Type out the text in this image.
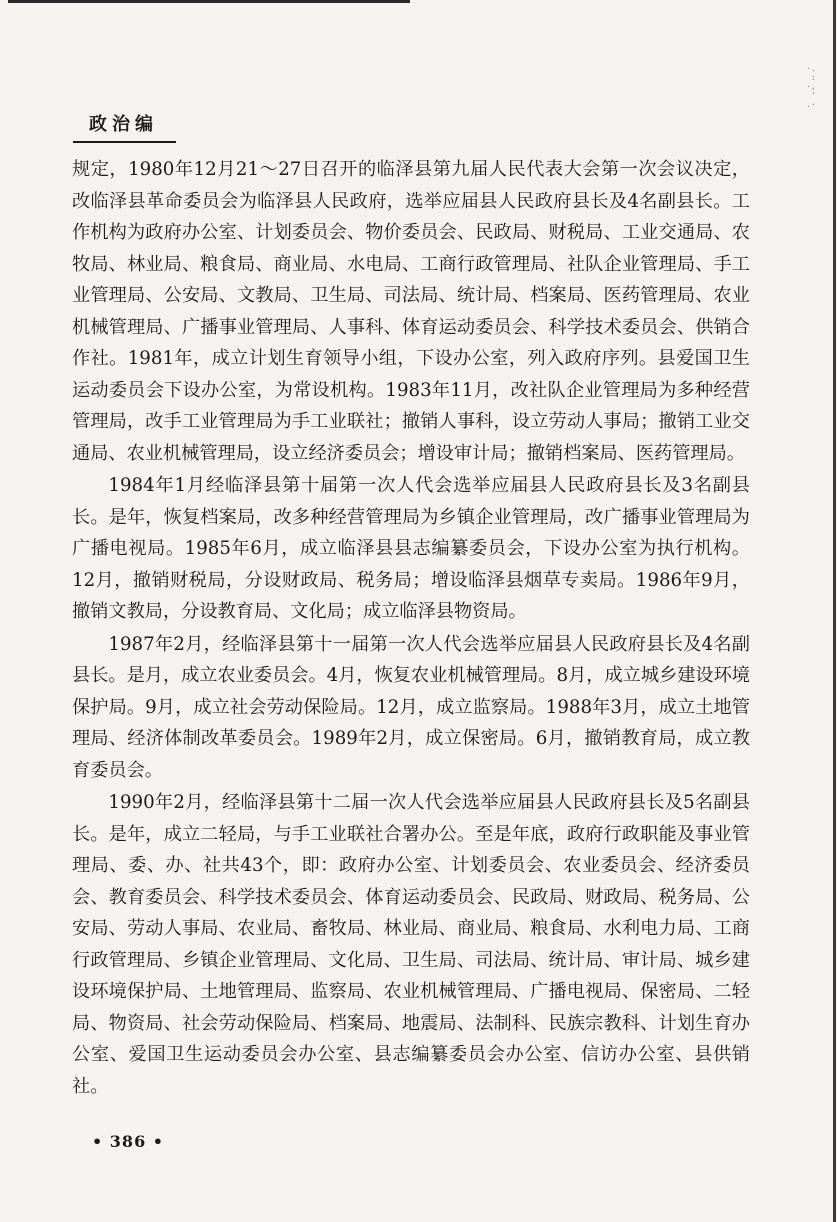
·.
:
·,
'
.·
政治编

规定，1980年12月21～27日召开的临泽县第九届人民代表大会第一次会议决定，改临泽县革命委员会为临泽县人民政府，选举应届县人民政府县长及4名副县长。工作机构为政府办公室、计划委员会、物价委员会、民政局、财税局、工业交通局、农牧局、林业局、粮食局、商业局、水电局、工商行政管理局、社队企业管理局、手工业管理局、公安局、文教局、卫生局、司法局、统计局、档案局、医药管理局、农业机械管理局、广播事业管理局、人事科、体育运动委员会、科学技术委员会、供销合作社。1981年，成立计划生育领导小组，下设办公室，列入政府序列。县爱国卫生运动委员会下设办公室，为常设机构。1983年11月，改社队企业管理局为多种经营管理局，改手工业管理局为手工业联社；撤销人事科，设立劳动人事局；撤销工业交通局、农业机械管理局，设立经济委员会；增设审计局；撤销档案局、医药管理局。

1984年1月经临泽县第十届第一次人代会选举应届县人民政府县长及3名副县长。是年，恢复档案局，改多种经营管理局为乡镇企业管理局，改广播事业管理局为广播电视局。1985年6月，成立临泽县县志编纂委员会，下设办公室为执行机构。12月，撤销财税局，分设财政局、税务局；增设临泽县烟草专卖局。1986年9月，撤销文教局，分设教育局、文化局；成立临泽县物资局。

1987年2月，经临泽县第十一届第一次人代会选举应届县人民政府县长及4名副县长。是月，成立农业委员会。4月，恢复农业机械管理局。8月，成立城乡建设环境保护局。9月，成立社会劳动保险局。12月，成立监察局。1988年3月，成立土地管理局、经济体制改革委员会。1989年2月，成立保密局。6月，撤销教育局，成立教育委员会。

1990年2月，经临泽县第十二届一次人代会选举应届县人民政府县长及5名副县长。是年，成立二轻局，与手工业联社合署办公。至是年底，政府行政职能及事业管理局、委、办、社共43个，即：政府办公室、计划委员会、农业委员会、经济委员会、教育委员会、科学技术委员会、体育运动委员会、民政局、财政局、税务局、公安局、劳动人事局、农业局、畜牧局、林业局、商业局、粮食局、水利电力局、工商行政管理局、乡镇企业管理局、文化局、卫生局、司法局、统计局、审计局、城乡建设环境保护局、土地管理局、监察局、农业机械管理局、广播电视局、保密局、二轻局、物资局、社会劳动保险局、档案局、地震局、法制科、民族宗教科、计划生育办公室、爱国卫生运动委员会办公室、县志编纂委员会办公室、信访办公室、县供销社。

• 386 •
